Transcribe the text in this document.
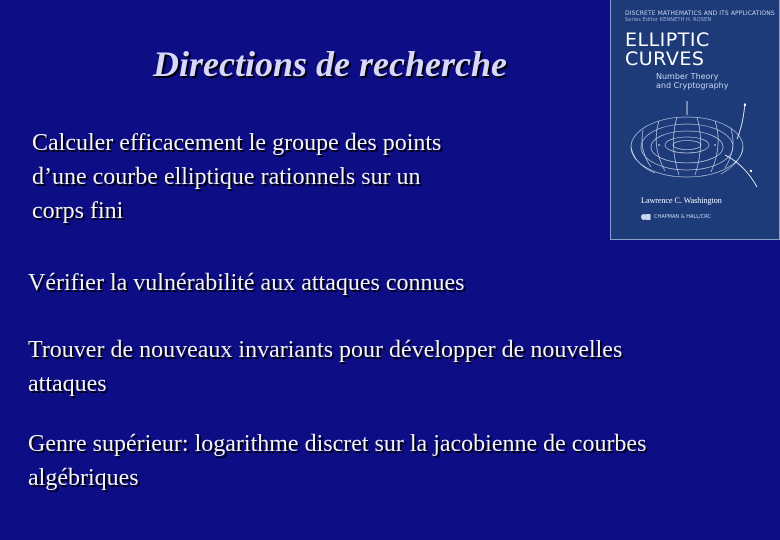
Directions de recherche

Calculer efficacement le groupe des points d’une courbe elliptique rationnels sur un corps fini

Vérifier la vulnérabilité aux attaques connues

Trouver de nouveaux invariants pour développer de nouvelles attaques

Genre supérieur: logarithme discret sur la jacobienne de courbes algébriques

DISCRETE MATHEMATICS AND ITS APPLICATIONS
Series Editor KENNETH H. ROSEN
ELLIPTIC
CURVES
Number Theory
and Cryptography
Lawrence C. Washington
CHAPMAN & HALL/CRC
